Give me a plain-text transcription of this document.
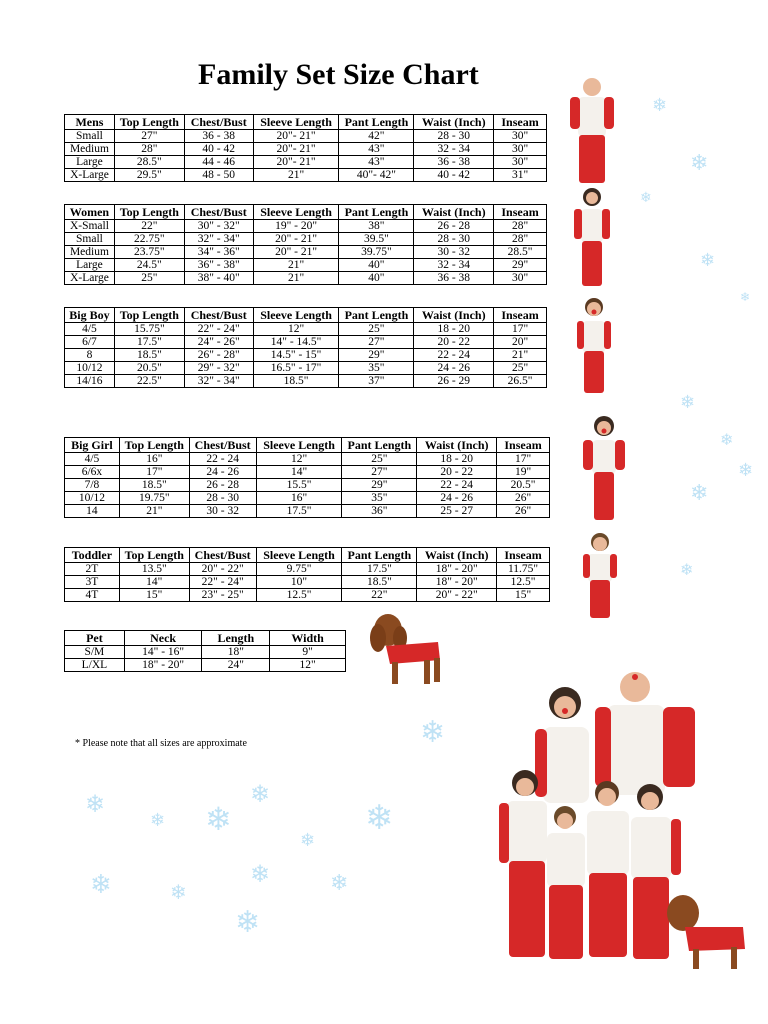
Family Set Size Chart
Mens	Top Length	Chest/Bust	Sleeve Length	Pant Length	Waist (Inch)	Inseam
Small	27"	36 - 38	20"- 21"	42"	28 - 30	30"
Medium	28"	40 - 42	20"- 21"	43"	32 - 34	30"
Large	28.5"	44 - 46	20"- 21"	43"	36 - 38	30"
X-Large	29.5"	48 - 50	21"	40"- 42"	40 - 42	31"
Women	Top Length	Chest/Bust	Sleeve Length	Pant Length	Waist (Inch)	Inseam
X-Small	22"	30" - 32"	19" - 20"	38"	26 - 28	28"
Small	22.75"	32" - 34"	20" - 21"	39.5"	28 - 30	28"
Medium	23.75"	34" - 36"	20" - 21"	39.75"	30 - 32	28.5"
Large	24.5"	36" - 38"	21"	40"	32 - 34	29"
X-Large	25"	38" - 40"	21"	40"	36 - 38	30"
Big Boy	Top Length	Chest/Bust	Sleeve Length	Pant Length	Waist (Inch)	Inseam
4/5	15.75"	22" - 24"	12"	25"	18 - 20	17"
6/7	17.5"	24" - 26"	14" - 14.5"	27"	20 - 22	20"
8	18.5"	26" - 28"	14.5" - 15"	29"	22 - 24	21"
10/12	20.5"	29" - 32"	16.5" - 17"	35"	24 - 26	25"
14/16	22.5"	32" - 34"	18.5"	37"	26 - 29	26.5"
Big Girl	Top Length	Chest/Bust	Sleeve Length	Pant Length	Waist (Inch)	Inseam
4/5	16"	22 - 24	12"	25"	18 - 20	17"
6/6x	17"	24 - 26	14"	27"	20 - 22	19"
7/8	18.5"	26 - 28	15.5"	29"	22 - 24	20.5"
10/12	19.75"	28 - 30	16"	35"	24 - 26	26"
14	21"	30 - 32	17.5"	36"	25 - 27	26"
Toddler	Top Length	Chest/Bust	Sleeve Length	Pant Length	Waist (Inch)	Inseam
2T	13.5"	20" - 22"	9.75"	17.5"	18" - 20"	11.75"
3T	14"	22" - 24"	10"	18.5"	18" - 20"	12.5"
4T	15"	23" - 25"	12.5"	22"	20" - 22"	15"
Pet	Neck	Length	Width
S/M	14" - 16"	18"	9"
L/XL	18" - 20"	24"	12"
* Please note that all sizes are approximate
❄
❄
❄
❄
❄
❄
❄
❄
❄
❄
❄
❄
❄ ❄
❄
❄
❄
❄	❄
❄	❄
❄
